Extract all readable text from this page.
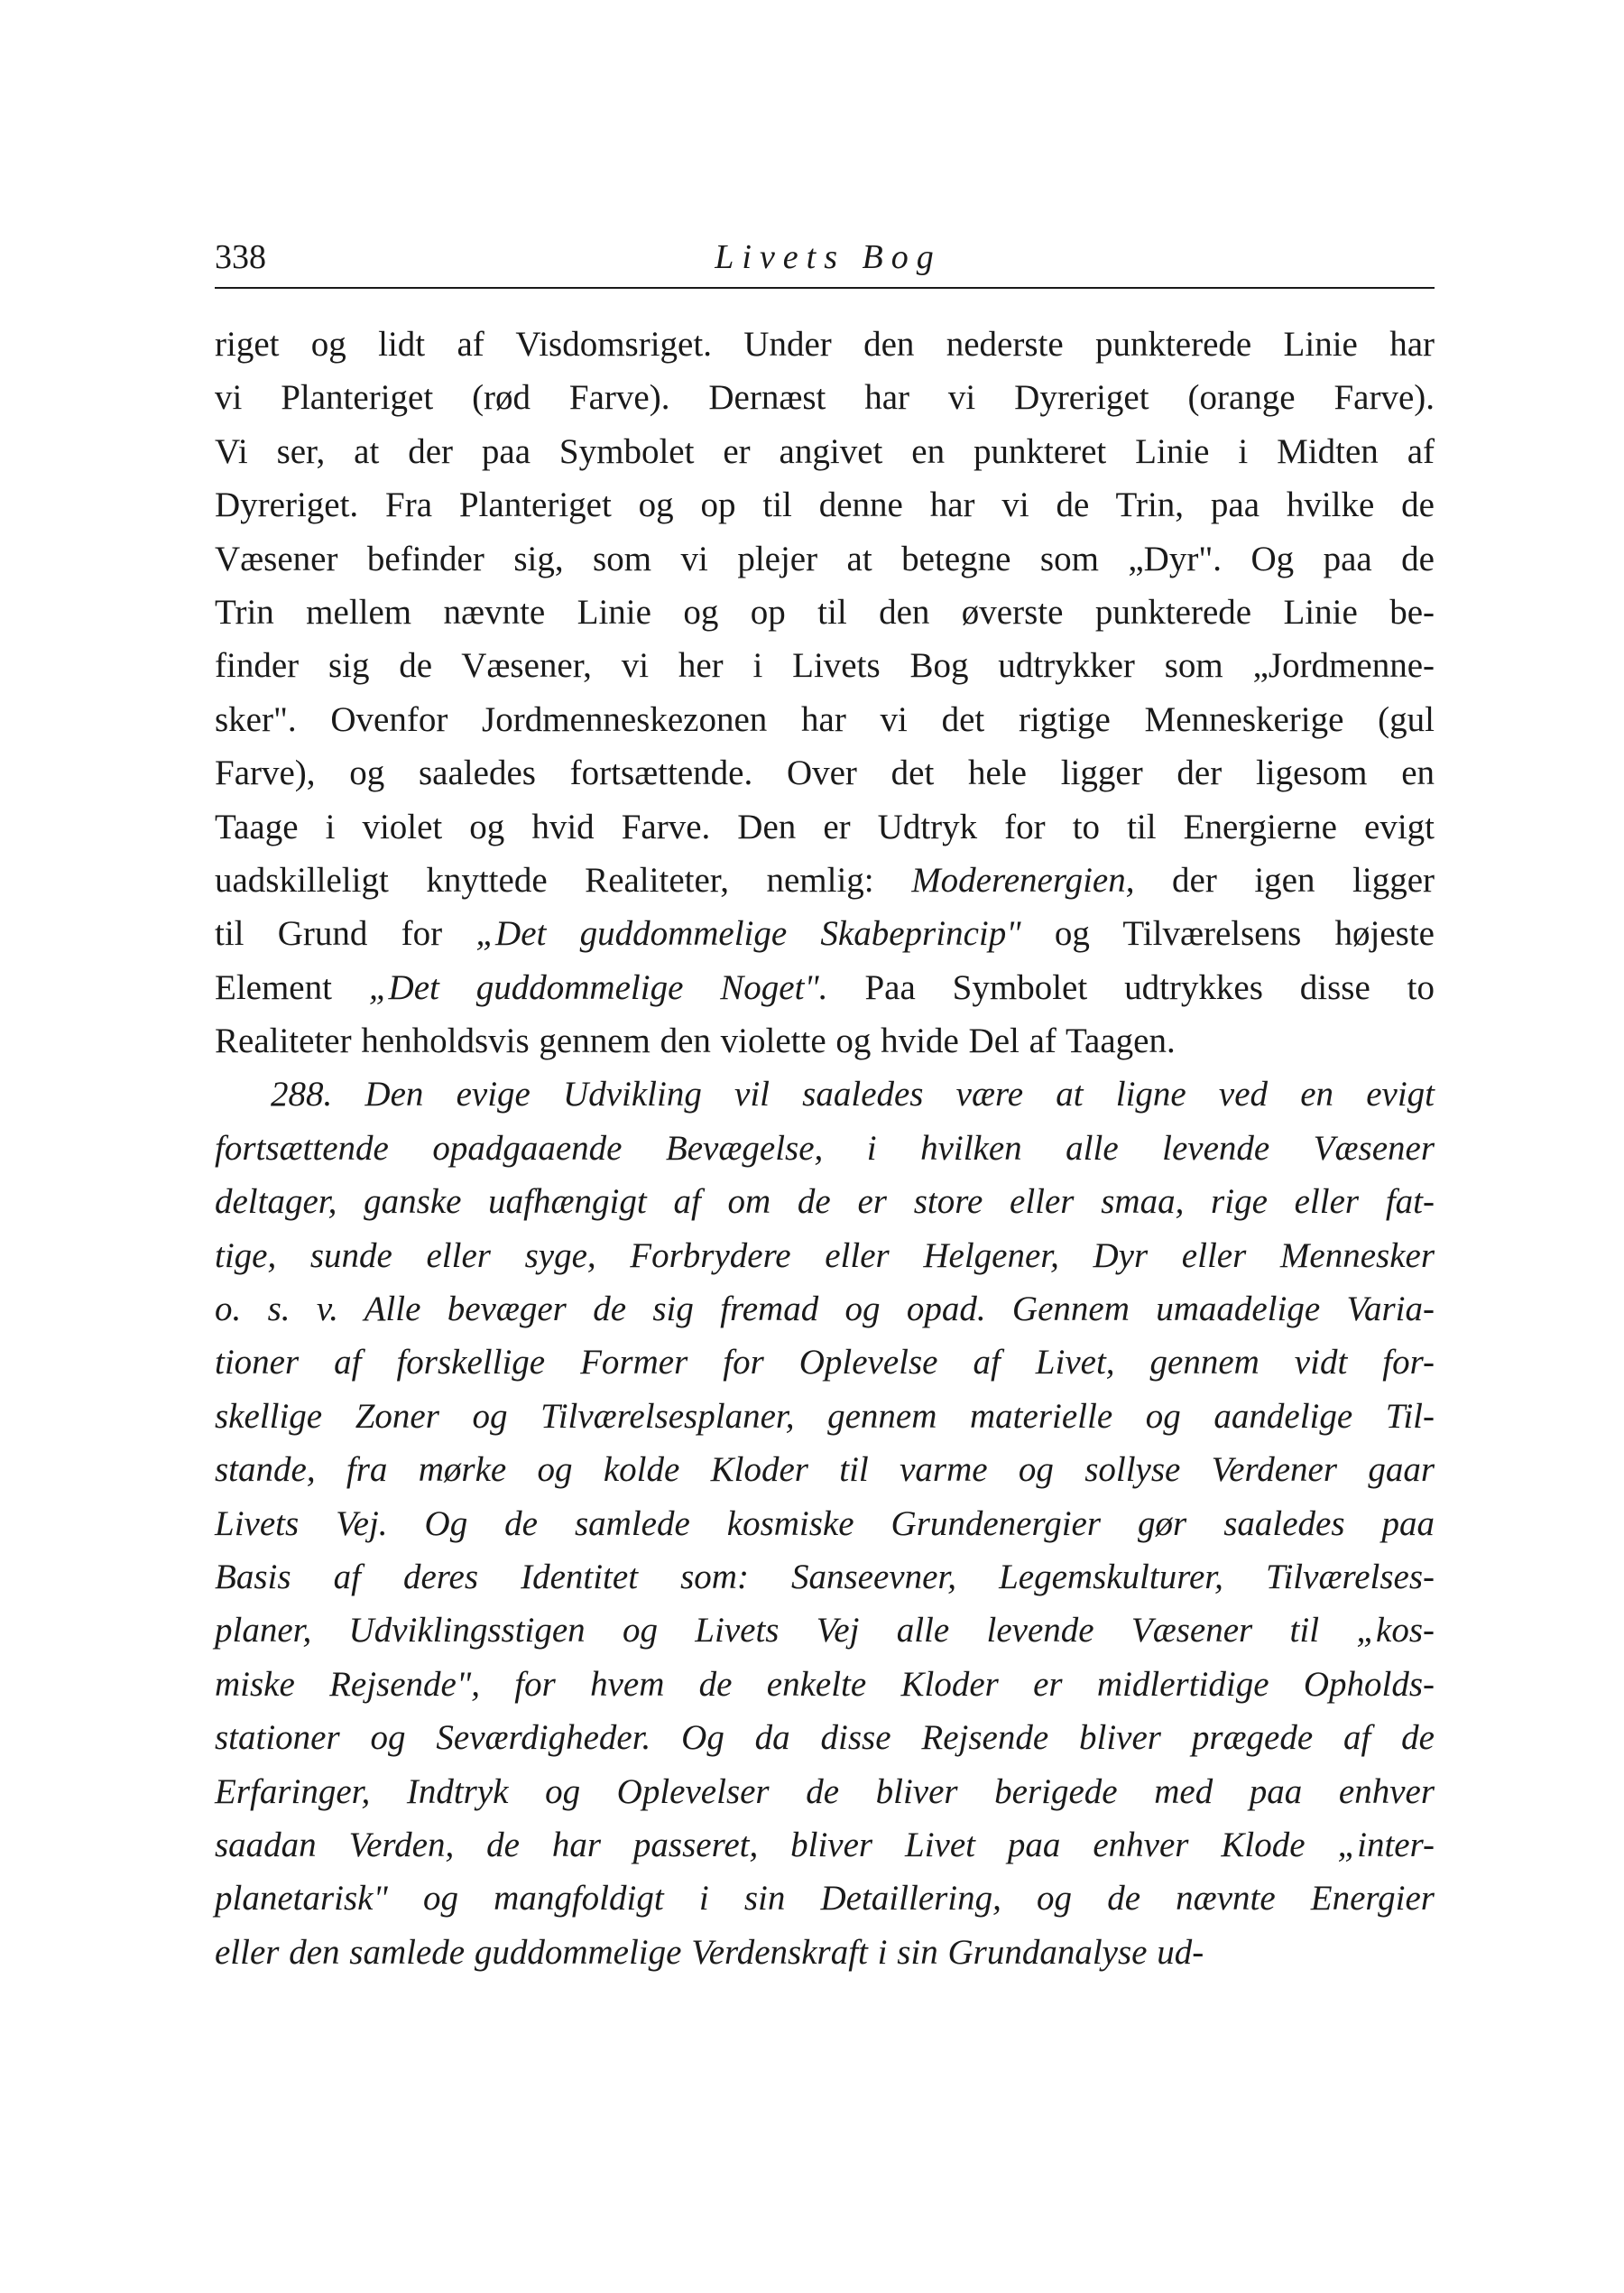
338	Livets Bog
riget og lidt af Visdomsriget. Under den nederste punkterede Linie har
vi Planteriget (rød Farve). Dernæst har vi Dyreriget (orange Farve).
Vi ser, at der paa Symbolet er angivet en punkteret Linie i Midten af
Dyreriget. Fra Planteriget og op til denne har vi de Trin, paa hvilke de
Væsener befinder sig, som vi plejer at betegne som „Dyr". Og paa de
Trin mellem nævnte Linie og op til den øverste punkterede Linie be-
finder sig de Væsener, vi her i Livets Bog udtrykker som „Jordmenne-
sker". Ovenfor Jordmenneskezonen har vi det rigtige Menneskerige (gul
Farve), og saaledes fortsættende. Over det hele ligger der ligesom en
Taage i violet og hvid Farve. Den er Udtryk for to til Energierne evigt
uadskilleligt knyttede Realiteter, nemlig: Moderenergien, der igen ligger
til Grund for „Det guddommelige Skabeprincip" og Tilværelsens højeste
Element „Det guddommelige Noget". Paa Symbolet udtrykkes disse to
Realiteter henholdsvis gennem den violette og hvide Del af Taagen.
288. Den evige Udvikling vil saaledes være at ligne ved en evigt
fortsættende opadgaaende Bevægelse, i hvilken alle levende Væsener
deltager, ganske uafhængigt af om de er store eller smaa, rige eller fat-
tige, sunde eller syge, Forbrydere eller Helgener, Dyr eller Mennesker
o. s. v. Alle bevæger de sig fremad og opad. Gennem umaadelige Varia-
tioner af forskellige Former for Oplevelse af Livet, gennem vidt for-
skellige Zoner og Tilværelsesplaner, gennem materielle og aandelige Til-
stande, fra mørke og kolde Kloder til varme og sollyse Verdener gaar
Livets Vej. Og de samlede kosmiske Grundenergier gør saaledes paa
Basis af deres Identitet som: Sanseevner, Legemskulturer, Tilværelses-
planer, Udviklingsstigen og Livets Vej alle levende Væsener til „kos-
miske Rejsende", for hvem de enkelte Kloder er midlertidige Opholds-
stationer og Seværdigheder. Og da disse Rejsende bliver prægede af de
Erfaringer, Indtryk og Oplevelser de bliver berigede med paa enhver
saadan Verden, de har passeret, bliver Livet paa enhver Klode „inter-
planetarisk" og mangfoldigt i sin Detaillering, og de nævnte Energier
eller den samlede guddommelige Verdenskraft i sin Grundanalyse ud-
